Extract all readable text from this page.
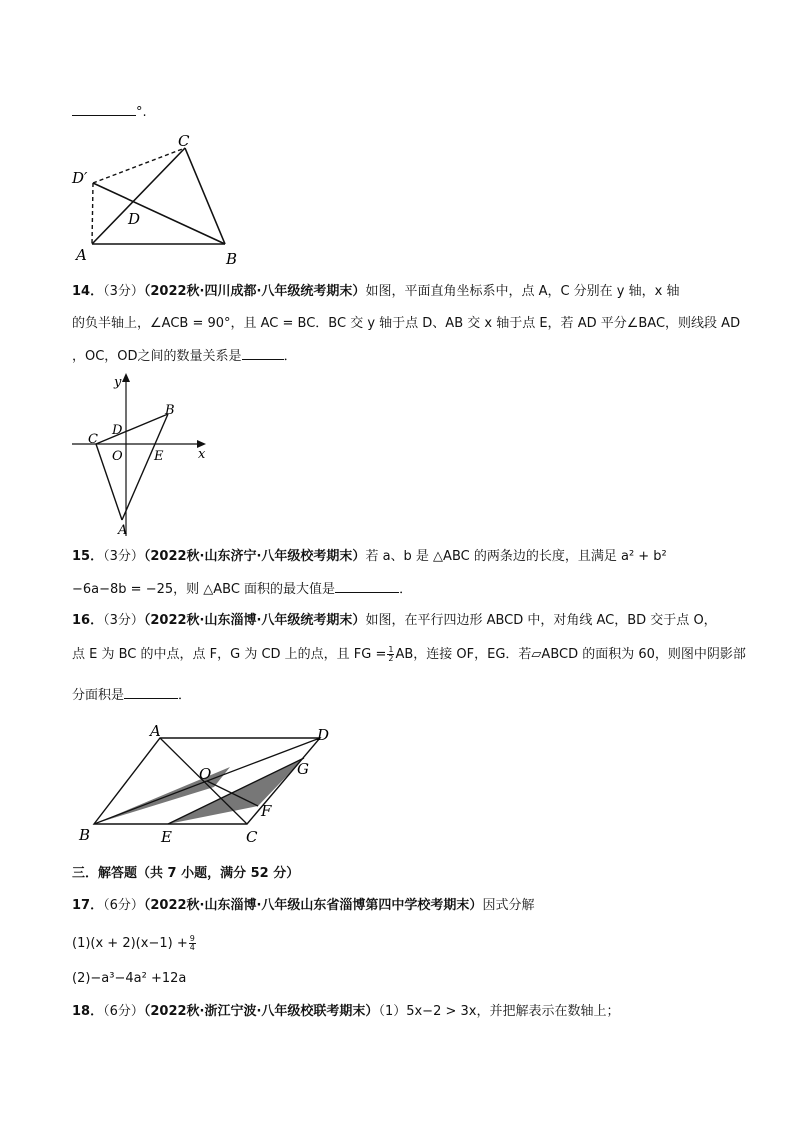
°.
C
D′
D
A	B
14．（3分）（2022秋·四川成都·八年级统考期末）如图，平面直角坐标系中，点 A，C 分别在 y 轴，x 轴
的负半轴上，∠ACB = 90°，且 AC = BC．BC 交 y 轴于点 D、AB 交 x 轴于点 E，若 AD 平分∠BAC，则线段 AD
，OC，OD之间的数量关系是	．
y
x
B
D
C
O E
A
15．（3分）（2022秋·山东济宁·八年级校考期末）若 a、b 是 △ABC 的两条边的长度，且满足 a² + b²
−6a−8b = −25，则 △ABC 面积的最大值是	．
16．（3分）（2022秋·山东淄博·八年级统考期末）如图，在平行四边形 ABCD 中，对角线 AC，BD 交于点 O，
点 E 为 BC 的中点，点 F，G 为 CD 上的点，且 FG = $\frac{1}{2}$ AB，连接 OF，EG．若▱ABCD 的面积为 60，则图中阴影部
分面积是	．
A	D
O	G
F
B	E	C
三．解答题（共 7 小题，满分 52 分）
17．（6分）（2022秋·山东淄博·八年级山东省淄博第四中学校考期末）因式分解
$(1)(x + 2)(x-1) + \frac{9}{4}$
(2)−a³−4a² +12a
18．（6分）（2022秋·浙江宁波·八年级校联考期末）（1）5x−2 > 3x，并把解表示在数轴上；
